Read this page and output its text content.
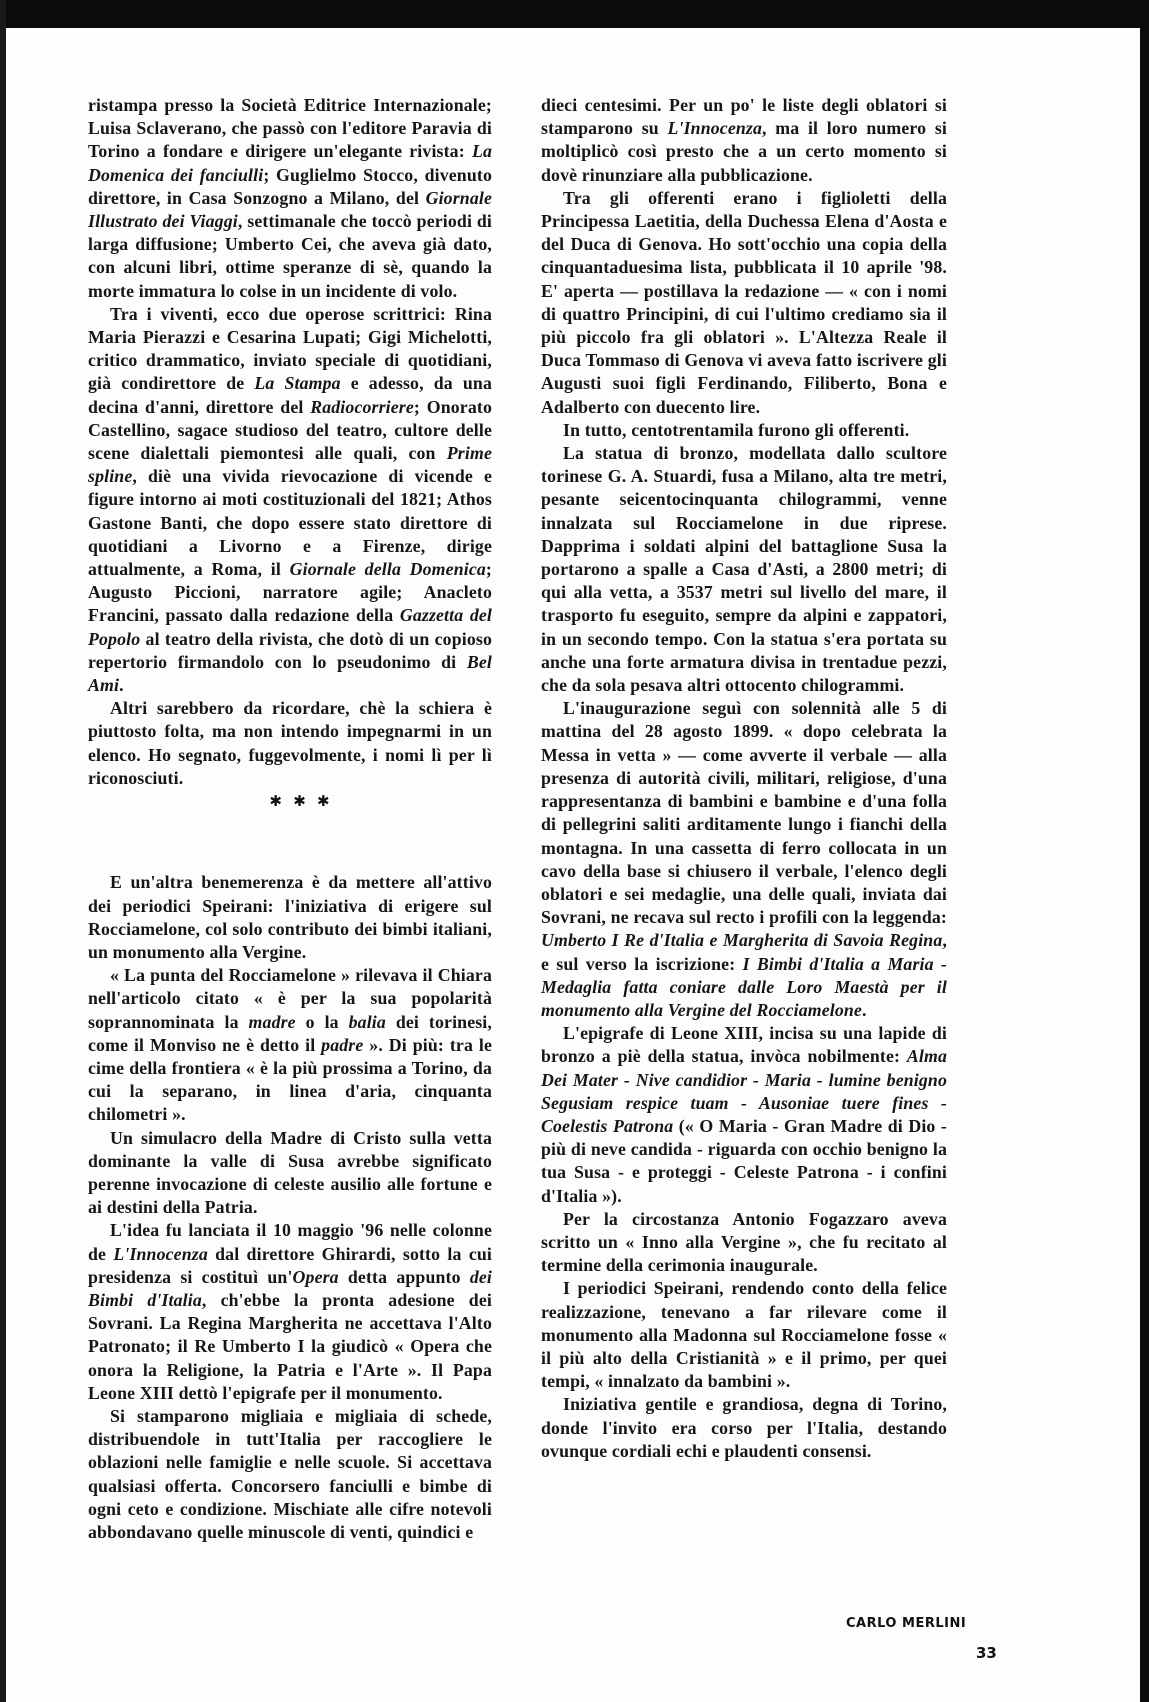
ristampa presso la Società Editrice Internazionale; Luisa Sclaverano, che passò con l'editore Paravia di Torino a fondare e dirigere un'elegante rivista: La Domenica dei fanciulli; Guglielmo Stocco, divenuto direttore, in Casa Sonzogno a Milano, del Giornale Illustrato dei Viaggi, settimanale che toccò periodi di larga diffusione; Umberto Cei, che aveva già dato, con alcuni libri, ottime speranze di sè, quando la morte immatura lo colse in un incidente di volo.

Tra i viventi, ecco due operose scrittrici: Rina Maria Pierazzi e Cesarina Lupati; Gigi Michelotti, critico drammatico, inviato speciale di quotidiani, già condirettore de La Stampa e adesso, da una decina d'anni, direttore del Radiocorriere; Onorato Castellino, sagace studioso del teatro, cultore delle scene dialettali piemontesi alle quali, con Prime spline, diè una vivida rievocazione di vicende e figure intorno ai moti costituzionali del 1821; Athos Gastone Banti, che dopo essere stato direttore di quotidiani a Livorno e a Firenze, dirige attualmente, a Roma, il Giornale della Domenica; Augusto Piccioni, narratore agile; Anacleto Francini, passato dalla redazione della Gazzetta del Popolo al teatro della rivista, che dotò di un copioso repertorio firmandolo con lo pseudonimo di Bel Ami.

Altri sarebbero da ricordare, chè la schiera è piuttosto folta, ma non intendo impegnarmi in un elenco. Ho segnato, fuggevolmente, i nomi lì per lì riconosciuti.

✱ ✱ ✱

E un'altra benemerenza è da mettere all'attivo dei periodici Speirani: l'iniziativa di erigere sul Rocciamelone, col solo contributo dei bimbi italiani, un monumento alla Vergine.

« La punta del Rocciamelone » rilevava il Chiara nell'articolo citato « è per la sua popolarità soprannominata la madre o la balia dei torinesi, come il Monviso ne è detto il padre ». Di più: tra le cime della frontiera « è la più prossima a Torino, da cui la separano, in linea d'aria, cinquanta chilometri ».

Un simulacro della Madre di Cristo sulla vetta dominante la valle di Susa avrebbe significato perenne invocazione di celeste ausilio alle fortune e ai destini della Patria.

L'idea fu lanciata il 10 maggio '96 nelle colonne de L'Innocenza dal direttore Ghirardi, sotto la cui presidenza si costituì un'Opera detta appunto dei Bimbi d'Italia, ch'ebbe la pronta adesione dei Sovrani. La Regina Margherita ne accettava l'Alto Patronato; il Re Umberto I la giudicò « Opera che onora la Religione, la Patria e l'Arte ». Il Papa Leone XIII dettò l'epigrafe per il monumento.

Si stamparono migliaia e migliaia di schede, distribuendole in tutt'Italia per raccogliere le oblazioni nelle famiglie e nelle scuole. Si accettava qualsiasi offerta. Concorsero fanciulli e bimbe di ogni ceto e condizione. Mischiate alle cifre notevoli abbondavano quelle minuscole di venti, quindici e

dieci centesimi. Per un po' le liste degli oblatori si stamparono su L'Innocenza, ma il loro numero si moltiplicò così presto che a un certo momento si dovè rinunziare alla pubblicazione.

Tra gli offerenti erano i figlioletti della Principessa Laetitia, della Duchessa Elena d'Aosta e del Duca di Genova. Ho sott'occhio una copia della cinquantaduesima lista, pubblicata il 10 aprile '98. E' aperta — postillava la redazione — « con i nomi di quattro Principini, di cui l'ultimo crediamo sia il più piccolo fra gli oblatori ». L'Altezza Reale il Duca Tommaso di Genova vi aveva fatto iscrivere gli Augusti suoi figli Ferdinando, Filiberto, Bona e Adalberto con duecento lire.

In tutto, centotrentamila furono gli offerenti.

La statua di bronzo, modellata dallo scultore torinese G. A. Stuardi, fusa a Milano, alta tre metri, pesante seicentocinquanta chilogrammi, venne innalzata sul Rocciamelone in due riprese. Dapprima i soldati alpini del battaglione Susa la portarono a spalle a Casa d'Asti, a 2800 metri; di qui alla vetta, a 3537 metri sul livello del mare, il trasporto fu eseguito, sempre da alpini e zappatori, in un secondo tempo. Con la statua s'era portata su anche una forte armatura divisa in trentadue pezzi, che da sola pesava altri ottocento chilogrammi.

L'inaugurazione seguì con solennità alle 5 di mattina del 28 agosto 1899. « dopo celebrata la Messa in vetta » — come avverte il verbale — alla presenza di autorità civili, militari, religiose, d'una rappresentanza di bambini e bambine e d'una folla di pellegrini saliti arditamente lungo i fianchi della montagna. In una cassetta di ferro collocata in un cavo della base si chiusero il verbale, l'elenco degli oblatori e sei medaglie, una delle quali, inviata dai Sovrani, ne recava sul recto i profili con la leggenda: Umberto I Re d'Italia e Margherita di Savoia Regina, e sul verso la iscrizione: I Bimbi d'Italia a Maria - Medaglia fatta coniare dalle Loro Maestà per il monumento alla Vergine del Rocciamelone.

L'epigrafe di Leone XIII, incisa su una lapide di bronzo a piè della statua, invòca nobilmente: Alma Dei Mater - Nive candidior - Maria - lumine benigno Segusiam respice tuam - Ausoniae tuere fines - Coelestis Patrona (« O Maria - Gran Madre di Dio - più di neve candida - riguarda con occhio benigno la tua Susa - e proteggi - Celeste Patrona - i confini d'Italia »).

Per la circostanza Antonio Fogazzaro aveva scritto un « Inno alla Vergine », che fu recitato al termine della cerimonia inaugurale.

I periodici Speirani, rendendo conto della felice realizzazione, tenevano a far rilevare come il monumento alla Madonna sul Rocciamelone fosse « il più alto della Cristianità » e il primo, per quei tempi, « innalzato da bambini ».

Iniziativa gentile e grandiosa, degna di Torino, donde l'invito era corso per l'Italia, destando ovunque cordiali echi e plaudenti consensi.

CARLO MERLINI
33
